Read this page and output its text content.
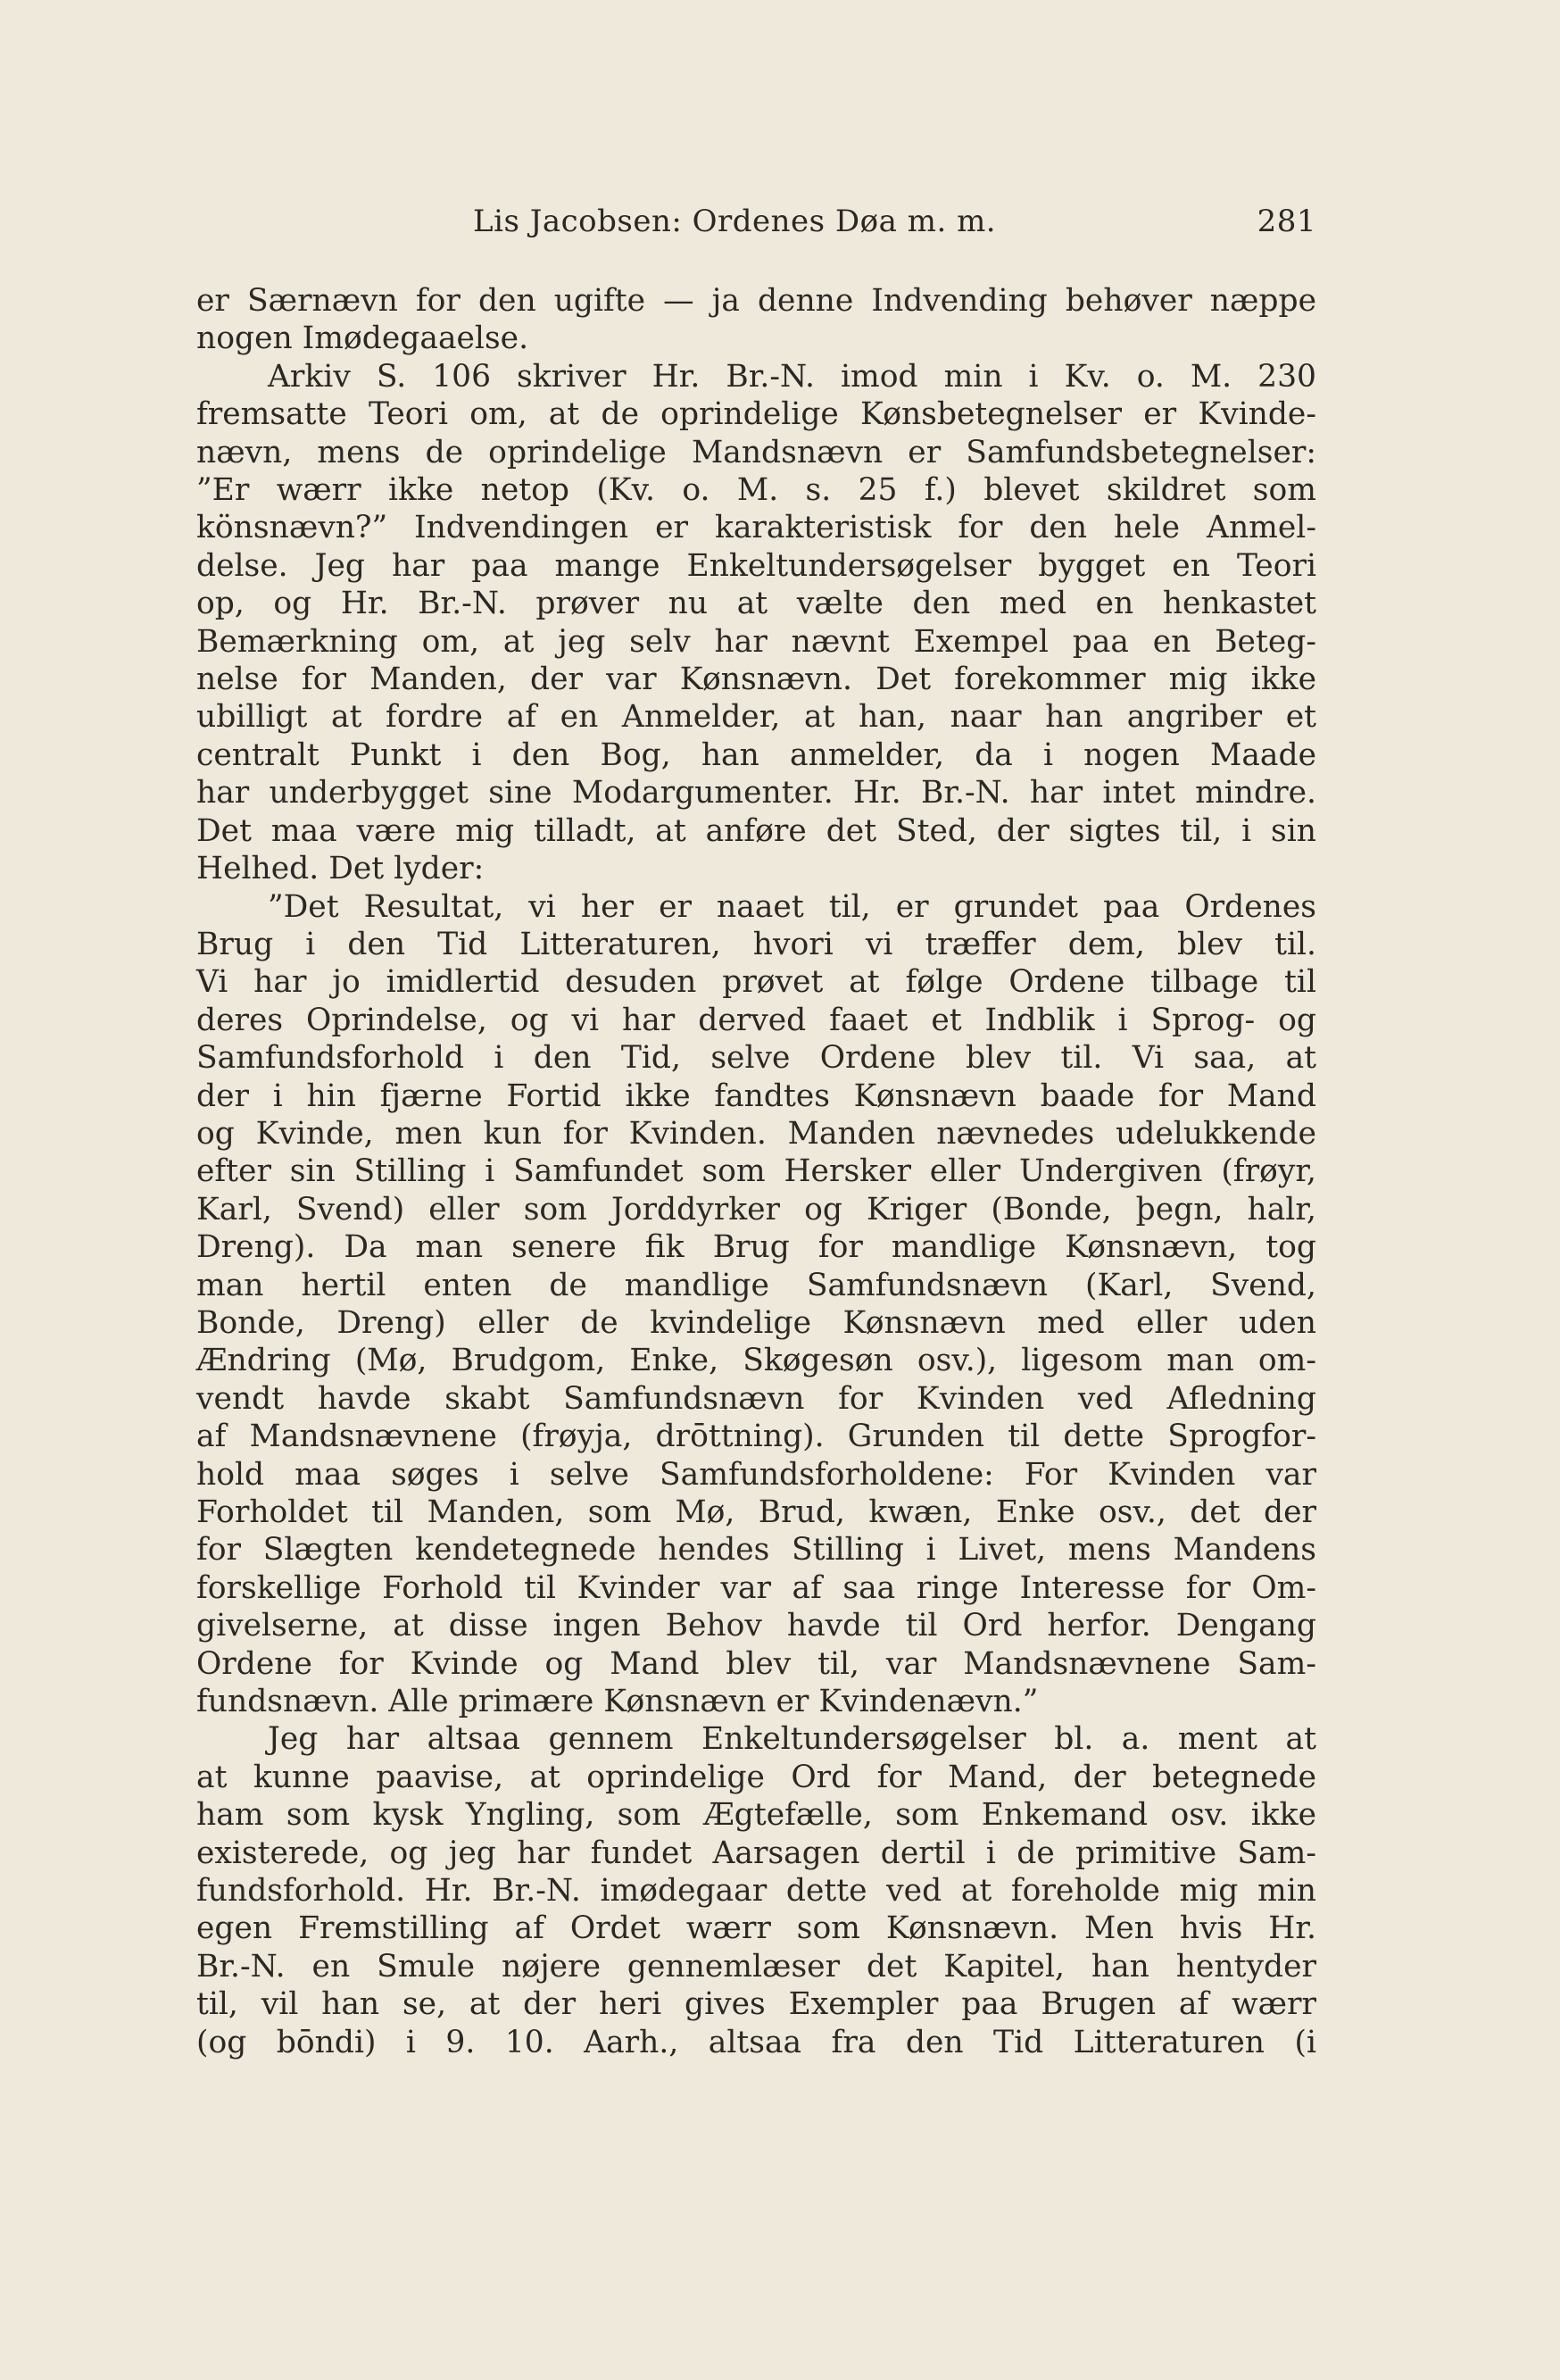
Lis Jacobsen: Ordenes Døa m. m.	281
er Særnævn for den ugifte — ja denne Indvending behøver næppe
nogen Imødegaaelse.
Arkiv S. 106 skriver Hr. Br.-N. imod min i Kv. o. M. 230
fremsatte Teori om, at de oprindelige Kønsbetegnelser er Kvinde-
nævn, mens de oprindelige Mandsnævn er Samfundsbetegnelser:
”Er wærr ikke netop (Kv. o. M. s. 25 f.) blevet skildret som
könsnævn?” Indvendingen er karakteristisk for den hele Anmel-
delse. Jeg har paa mange Enkeltundersøgelser bygget en Teori
op, og Hr. Br.-N. prøver nu at vælte den med en henkastet
Bemærkning om, at jeg selv har nævnt Exempel paa en Beteg-
nelse for Manden, der var Kønsnævn. Det forekommer mig ikke
ubilligt at fordre af en Anmelder, at han, naar han angriber et
centralt Punkt i den Bog, han anmelder, da i nogen Maade
har underbygget sine Modargumenter. Hr. Br.-N. har intet mindre.
Det maa være mig tilladt, at anføre det Sted, der sigtes til, i sin
Helhed. Det lyder:
”Det Resultat, vi her er naaet til, er grundet paa Ordenes
Brug i den Tid Litteraturen, hvori vi træffer dem, blev til.
Vi har jo imidlertid desuden prøvet at følge Ordene tilbage til
deres Oprindelse, og vi har derved faaet et Indblik i Sprog- og
Samfundsforhold i den Tid, selve Ordene blev til. Vi saa, at
der i hin fjærne Fortid ikke fandtes Kønsnævn baade for Mand
og Kvinde, men kun for Kvinden. Manden nævnedes udelukkende
efter sin Stilling i Samfundet som Hersker eller Undergiven (frøyr,
Karl, Svend) eller som Jorddyrker og Kriger (Bonde, þegn, halr,
Dreng). Da man senere fik Brug for mandlige Kønsnævn, tog
man hertil enten de mandlige Samfundsnævn (Karl, Svend,
Bonde, Dreng) eller de kvindelige Kønsnævn med eller uden
Ændring (Mø, Brudgom, Enke, Skøgesøn osv.), ligesom man om-
vendt havde skabt Samfundsnævn for Kvinden ved Afledning
af Mandsnævnene (frøyja, drōttning). Grunden til dette Sprogfor-
hold maa søges i selve Samfundsforholdene: For Kvinden var
Forholdet til Manden, som Mø, Brud, kwæn, Enke osv., det der
for Slægten kendetegnede hendes Stilling i Livet, mens Mandens
forskellige Forhold til Kvinder var af saa ringe Interesse for Om-
givelserne, at disse ingen Behov havde til Ord herfor. Dengang
Ordene for Kvinde og Mand blev til, var Mandsnævnene Sam-
fundsnævn. Alle primære Kønsnævn er Kvindenævn.”
Jeg har altsaa gennem Enkeltundersøgelser bl. a. ment at
at kunne paavise, at oprindelige Ord for Mand, der betegnede
ham som kysk Yngling, som Ægtefælle, som Enkemand osv. ikke
existerede, og jeg har fundet Aarsagen dertil i de primitive Sam-
fundsforhold. Hr. Br.-N. imødegaar dette ved at foreholde mig min
egen Fremstilling af Ordet wærr som Kønsnævn. Men hvis Hr.
Br.-N. en Smule nøjere gennemlæser det Kapitel, han hentyder
til, vil han se, at der heri gives Exempler paa Brugen af wærr
(og bōndi) i 9. 10. Aarh., altsaa fra den Tid Litteraturen (i
